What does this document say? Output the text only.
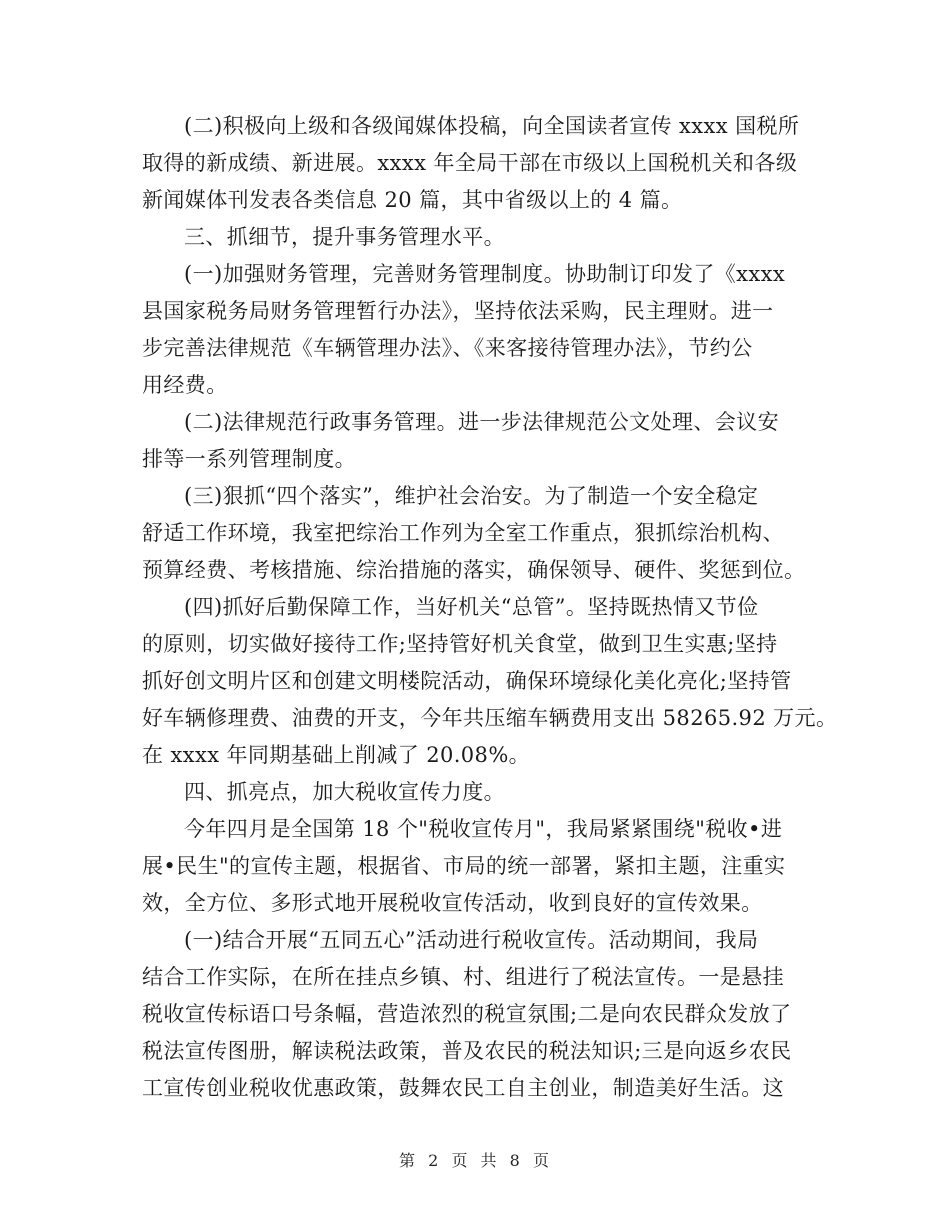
(二)积极向上级和各级闻媒体投稿，向全国读者宣传 xxxx 国税所
取得的新成绩、新进展。xxxx 年全局干部在市级以上国税机关和各级
新闻媒体刊发表各类信息 20 篇，其中省级以上的 4 篇。
三、抓细节，提升事务管理水平。
(一)加强财务管理，完善财务管理制度。协助制订印发了《xxxx
县国家税务局财务管理暂行办法》，坚持依法采购，民主理财。进一
步完善法律规范《车辆管理办法》、《来客接待管理办法》，节约公
用经费。
(二)法律规范行政事务管理。进一步法律规范公文处理、会议安
排等一系列管理制度。
(三)狠抓“四个落实”，维护社会治安。为了制造一个安全稳定
舒适工作环境，我室把综治工作列为全室工作重点，狠抓综治机构、
预算经费、考核措施、综治措施的落实，确保领导、硬件、奖惩到位。
(四)抓好后勤保障工作，当好机关“总管”。坚持既热情又节俭
的原则，切实做好接待工作;坚持管好机关食堂，做到卫生实惠;坚持
抓好创文明片区和创建文明楼院活动，确保环境绿化美化亮化;坚持管
好车辆修理费、油费的开支，今年共压缩车辆费用支出 58265.92 万元。
在 xxxx 年同期基础上削减了 20.08%。
四、抓亮点，加大税收宣传力度。
今年四月是全国第 18 个"税收宣传月"，我局紧紧围绕"税收•进
展•民生"的宣传主题，根据省、市局的统一部署，紧扣主题，注重实
效，全方位、多形式地开展税收宣传活动，收到良好的宣传效果。
(一)结合开展“五同五心”活动进行税收宣传。活动期间，我局
结合工作实际，在所在挂点乡镇、村、组进行了税法宣传。一是悬挂
税收宣传标语口号条幅，营造浓烈的税宣氛围;二是向农民群众发放了
税法宣传图册，解读税法政策，普及农民的税法知识;三是向返乡农民
工宣传创业税收优惠政策，鼓舞农民工自主创业，制造美好生活。这
第 2 页 共 8 页
